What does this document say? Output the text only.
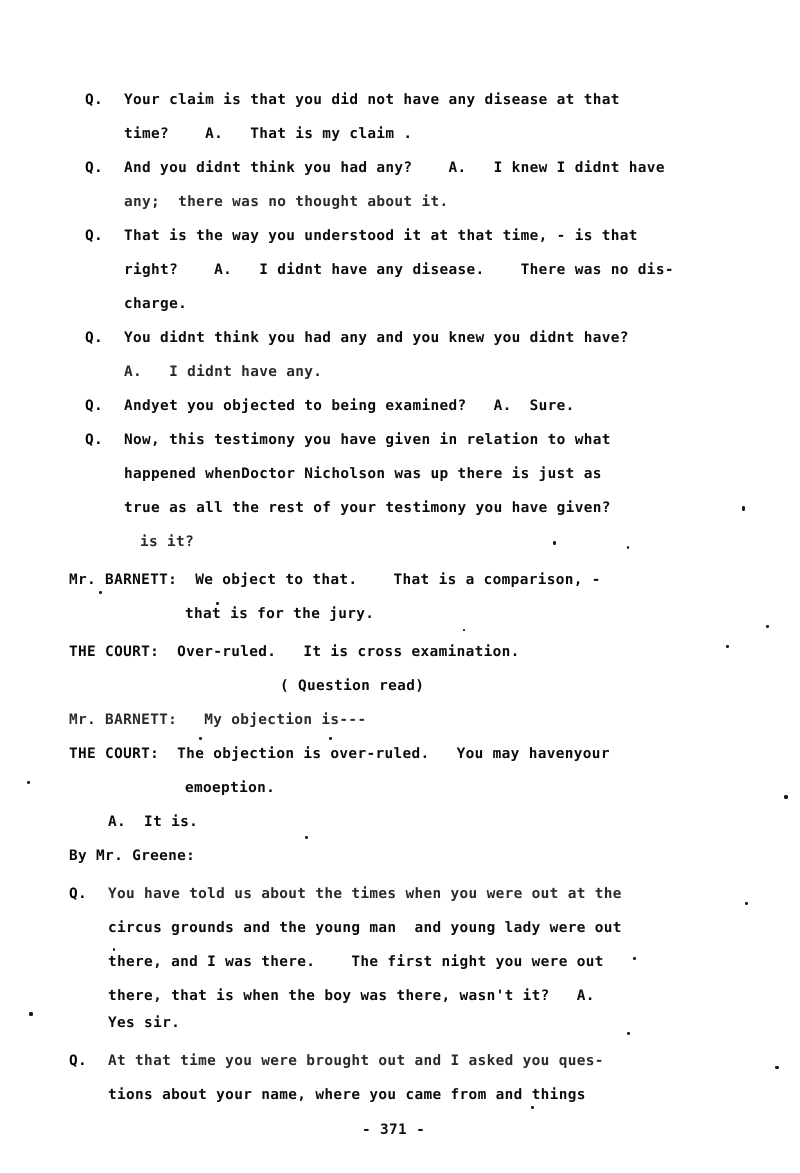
Q. Your claim is that you did not have any disease at that
time?    A.   That is my claim .
Q. And you didnt think you had any?    A.   I knew I didnt have
any;  there was no thought about it.
Q. That is the way you understood it at that time, - is that
right?    A.   I didnt have any disease.    There was no dis-
charge.
Q. You didnt think you had any and you knew you didnt have?
A.   I didnt have any.
Q. Andyet you objected to being examined?   A.  Sure.
Q. Now, this testimony you have given in relation to what
happened whenDoctor Nicholson was up there is just as
true as all the rest of your testimony you have given?
is it?
Mr. BARNETT:  We object to that.    That is a comparison, -
that is for the jury.
THE COURT:  Over-ruled.   It is cross examination.
( Question read)
Mr. BARNETT:   My objection is---
THE COURT:  The objection is over-ruled.   You may havenyour
emoeption.
A.  It is.
By Mr. Greene:
Q. You have told us about the times when you were out at the
circus grounds and the young man  and young lady were out
there, and I was there.    The first night you were out
there, that is when the boy was there, wasn't it?   A.
Yes sir.
Q. At that time you were brought out and I asked you ques-
tions about your name, where you came from and things
- 371 -
